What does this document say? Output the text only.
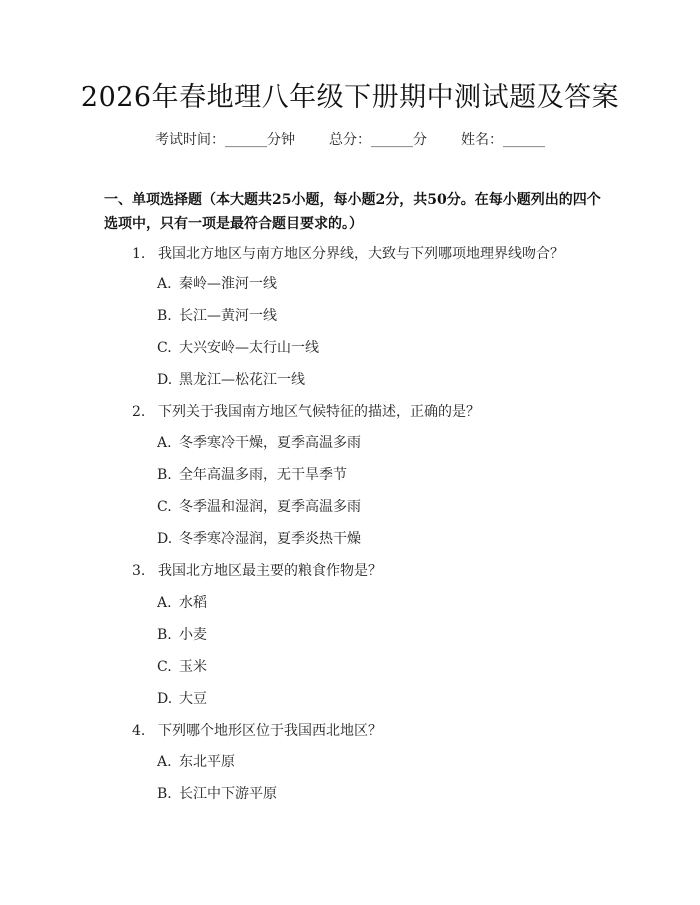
2026年春地理八年级下册期中测试题及答案
考试时间：______分钟 总分：______分 姓名：______
一、单项选择题（本大题共25小题，每小题2分，共50分。在每小题列出的四个选项中，只有一项是最符合题目要求的。）
1. 我国北方地区与南方地区分界线，大致与下列哪项地理界线吻合？
A. 秦岭—淮河一线
B. 长江—黄河一线
C. 大兴安岭—太行山一线
D. 黑龙江—松花江一线
2. 下列关于我国南方地区气候特征的描述，正确的是？
A. 冬季寒冷干燥，夏季高温多雨
B. 全年高温多雨，无干旱季节
C. 冬季温和湿润，夏季高温多雨
D. 冬季寒冷湿润，夏季炎热干燥
3. 我国北方地区最主要的粮食作物是？
A. 水稻
B. 小麦
C. 玉米
D. 大豆
4. 下列哪个地形区位于我国西北地区？
A. 东北平原
B. 长江中下游平原
